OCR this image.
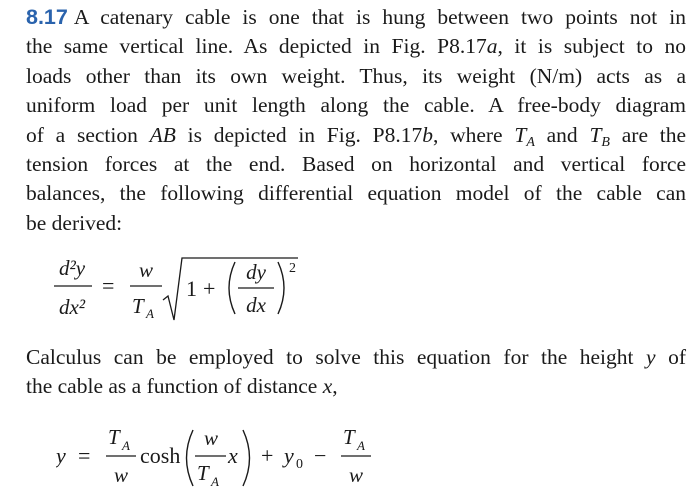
8.17 A catenary cable is one that is hung between two points not in
the same vertical line. As depicted in Fig. P8.17a, it is subject to no
loads other than its own weight. Thus, its weight (N/m) acts as a
uniform load per unit length along the cable. A free-body diagram
of a section AB is depicted in Fig. P8.17b, where $T_A$ and $T_B$ are the
tension forces at the end. Based on horizontal and vertical force
balances, the following differential equation model of the cable can
be derived:
d²y
dx²
=
w
T A
1 +
dy
dx
2
Calculus can be employed to solve this equation for the height y of
the cable as a function of distance x,
y =
T A
w
cosh
w
T A
x + y 0 −
T A
w
